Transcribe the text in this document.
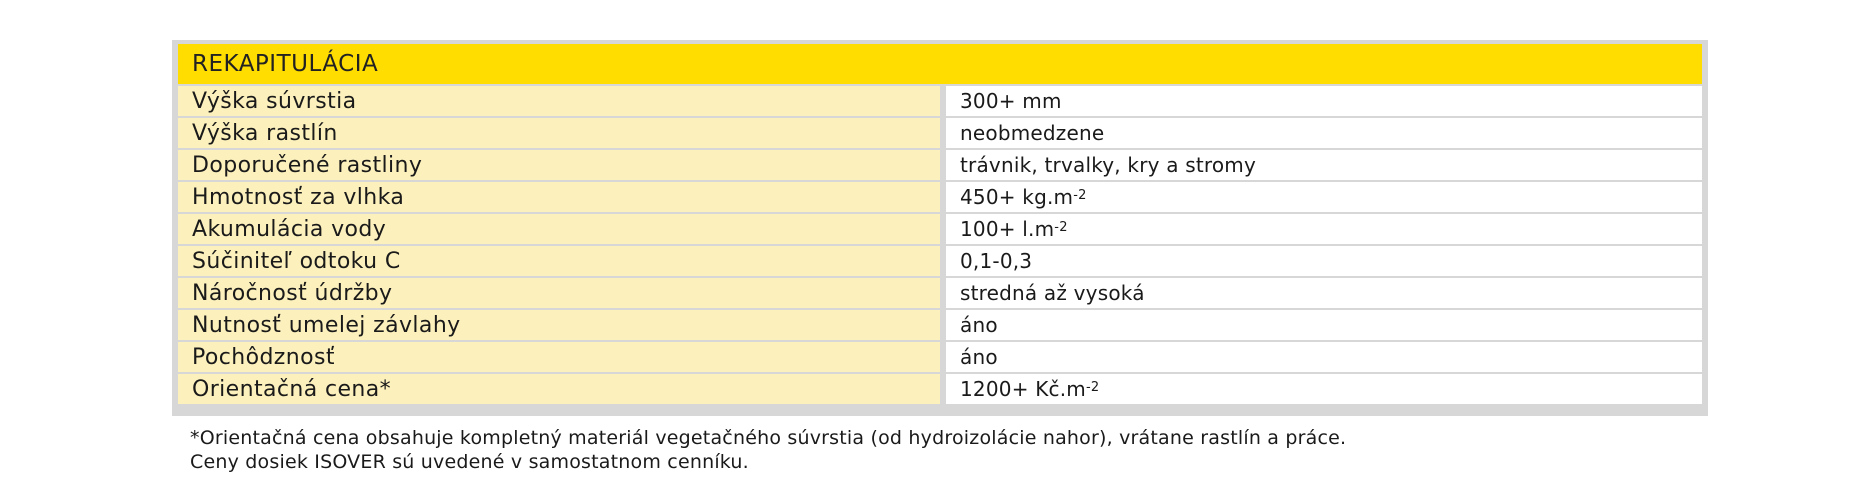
REKAPITULÁCIA
Výška súvrstia	300+ mm
Výška rastlín	neobmedzene
Doporučené rastliny	trávnik, trvalky, kry a stromy
Hmotnosť za vlhka	$450+ kg.m^{-2}$
Akumulácia vody	$100+ l.m^{-2}$
Súčiniteľ odtoku C	0,1-0,3
Náročnosť údržby	stredná až vysoká
Nutnosť umelej závlahy	áno
Pochôdznosť	áno
Orientačná cena*	$1200+ Kč.m^{-2}$
*Orientačná cena obsahuje kompletný materiál vegetačného súvrstia (od hydroizolácie nahor), vrátane rastlín a práce.
Ceny dosiek ISOVER sú uvedené v samostatnom cenníku.
